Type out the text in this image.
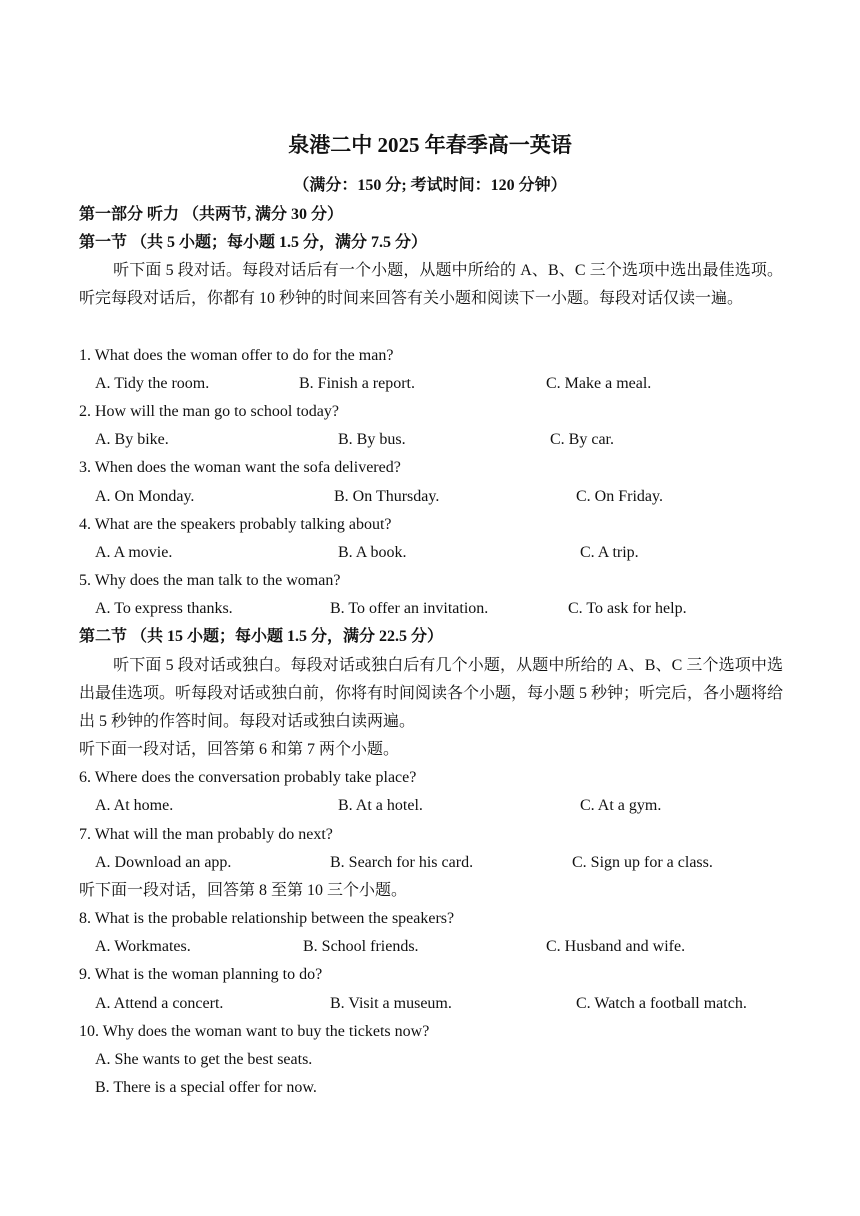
泉港二中 2025 年春季高一英语
（满分：150 分; 考试时间：120 分钟）
第一部分 听力 （共两节, 满分 30 分）
第一节 （共 5 小题；每小题 1.5 分，满分 7.5 分）
听下面 5 段对话。每段对话后有一个小题，从题中所给的 A、B、C 三个选项中选出最佳选项。听完每段对话后，你都有 10 秒钟的时间来回答有关小题和阅读下一小题。每段对话仅读一遍。
1. What does the woman offer to do for the man?
A. Tidy the room.	B. Finish a report.	C. Make a meal.
2. How will the man go to school today?
A. By bike.	B. By bus.	C. By car.
3. When does the woman want the sofa delivered?
A. On Monday.	B. On Thursday.	C. On Friday.
4. What are the speakers probably talking about?
A. A movie.	B. A book.	C. A trip.
5. Why does the man talk to the woman?
A. To express thanks.	B. To offer an invitation.	C. To ask for help.
第二节 （共 15 小题；每小题 1.5 分，满分 22.5 分）
听下面 5 段对话或独白。每段对话或独白后有几个小题，从题中所给的 A、B、C 三个选项中选出最佳选项。听每段对话或独白前，你将有时间阅读各个小题，每小题 5 秒钟；听完后，各小题将给出 5 秒钟的作答时间。每段对话或独白读两遍。
听下面一段对话，回答第 6 和第 7 两个小题。
6. Where does the conversation probably take place?
A. At home.	B. At a hotel.	C. At a gym.
7. What will the man probably do next?
A. Download an app.	B. Search for his card.	C. Sign up for a class.
听下面一段对话，回答第 8 至第 10 三个小题。
8. What is the probable relationship between the speakers?
A. Workmates.	B. School friends.	C. Husband and wife.
9. What is the woman planning to do?
A. Attend a concert.	B. Visit a museum.	C. Watch a football match.
10. Why does the woman want to buy the tickets now?
A. She wants to get the best seats.
B. There is a special offer for now.
